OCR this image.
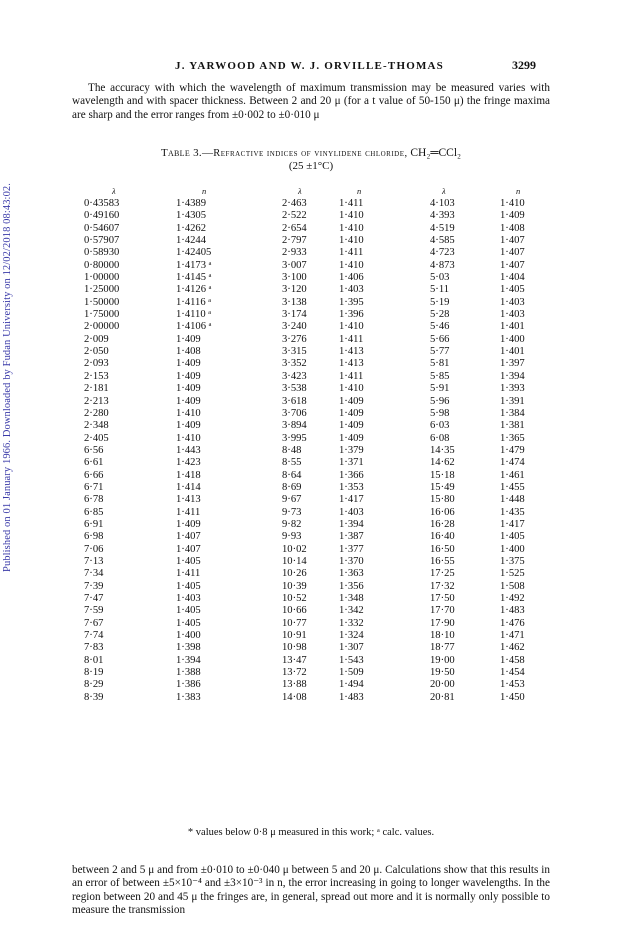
Published on 01 January 1966. Downloaded by Fudan University on 12/02/2018 08:43:02.
J. YARWOOD AND W. J. ORVILLE-THOMAS	3299

The accuracy with which the wavelength of maximum transmission may be measured varies with wavelength and with spacer thickness. Between 2 and 20 μ (for a t value of 50-150 μ) the fringe maxima are sharp and the error ranges from ±0·002 to ±0·010 μ

Table 3.—Refractive indices of vinylidene chloride, CH₂═CCl₂
(25 ±1°C)
λ	n	λ	n	λ	n
0·43583	1·4389	2·463	1·411	4·103	1·410
0·49160	1·4305	2·522	1·410	4·393	1·409
0·54607	1·4262	2·654	1·410	4·519	1·408
0·57907	1·4244	2·797	1·410	4·585	1·407
0·58930	1·42405	2·933	1·411	4·723	1·407
0·80000	1·4173 ᵃ	3·007	1·410	4·873	1·407
1·00000	1·4145 ᵃ	3·100	1·406	5·03	1·404
1·25000	1·4126 ᵃ	3·120	1·403	5·11	1·405
1·50000	1·4116 ᵃ	3·138	1·395	5·19	1·403
1·75000	1·4110 ᵃ	3·174	1·396	5·28	1·403
2·00000	1·4106 ᵃ	3·240	1·410	5·46	1·401
2·009	1·409	3·276	1·411	5·66	1·400
2·050	1·408	3·315	1·413	5·77	1·401
2·093	1·409	3·352	1·413	5·81	1·397
2·153	1·409	3·423	1·411	5·85	1·394
2·181	1·409	3·538	1·410	5·91	1·393
2·213	1·409	3·618	1·409	5·96	1·391
2·280	1·410	3·706	1·409	5·98	1·384
2·348	1·409	3·894	1·409	6·03	1·381
2·405	1·410	3·995	1·409	6·08	1·365
6·56	1·443	8·48	1·379	14·35	1·479
6·61	1·423	8·55	1·371	14·62	1·474
6·66	1·418	8·64	1·366	15·18	1·461
6·71	1·414	8·69	1·353	15·49	1·455
6·78	1·413	9·67	1·417	15·80	1·448
6·85	1·411	9·73	1·403	16·06	1·435
6·91	1·409	9·82	1·394	16·28	1·417
6·98	1·407	9·93	1·387	16·40	1·405
7·06	1·407	10·02	1·377	16·50	1·400
7·13	1·405	10·14	1·370	16·55	1·375
7·34	1·411	10·26	1·363	17·25	1·525
7·39	1·405	10·39	1·356	17·32	1·508
7·47	1·403	10·52	1·348	17·50	1·492
7·59	1·405	10·66	1·342	17·70	1·483
7·67	1·405	10·77	1·332	17·90	1·476
7·74	1·400	10·91	1·324	18·10	1·471
7·83	1·398	10·98	1·307	18·77	1·462
8·01	1·394	13·47	1·543	19·00	1·458
8·19	1·388	13·72	1·509	19·50	1·454
8·29	1·386	13·88	1·494	20·00	1·453
8·39	1·383	14·08	1·483	20·81	1·450
* values below 0·8 μ measured in this work; ᵃ calc. values.

between 2 and 5 μ and from ±0·010 to ±0·040 μ between 5 and 20 μ. Calculations show that this results in an error of between ±5×10⁻⁴ and ±3×10⁻³ in n, the error increasing in going to longer wavelengths. In the region between 20 and 45 μ the fringes are, in general, spread out more and it is normally only possible to measure the transmission
